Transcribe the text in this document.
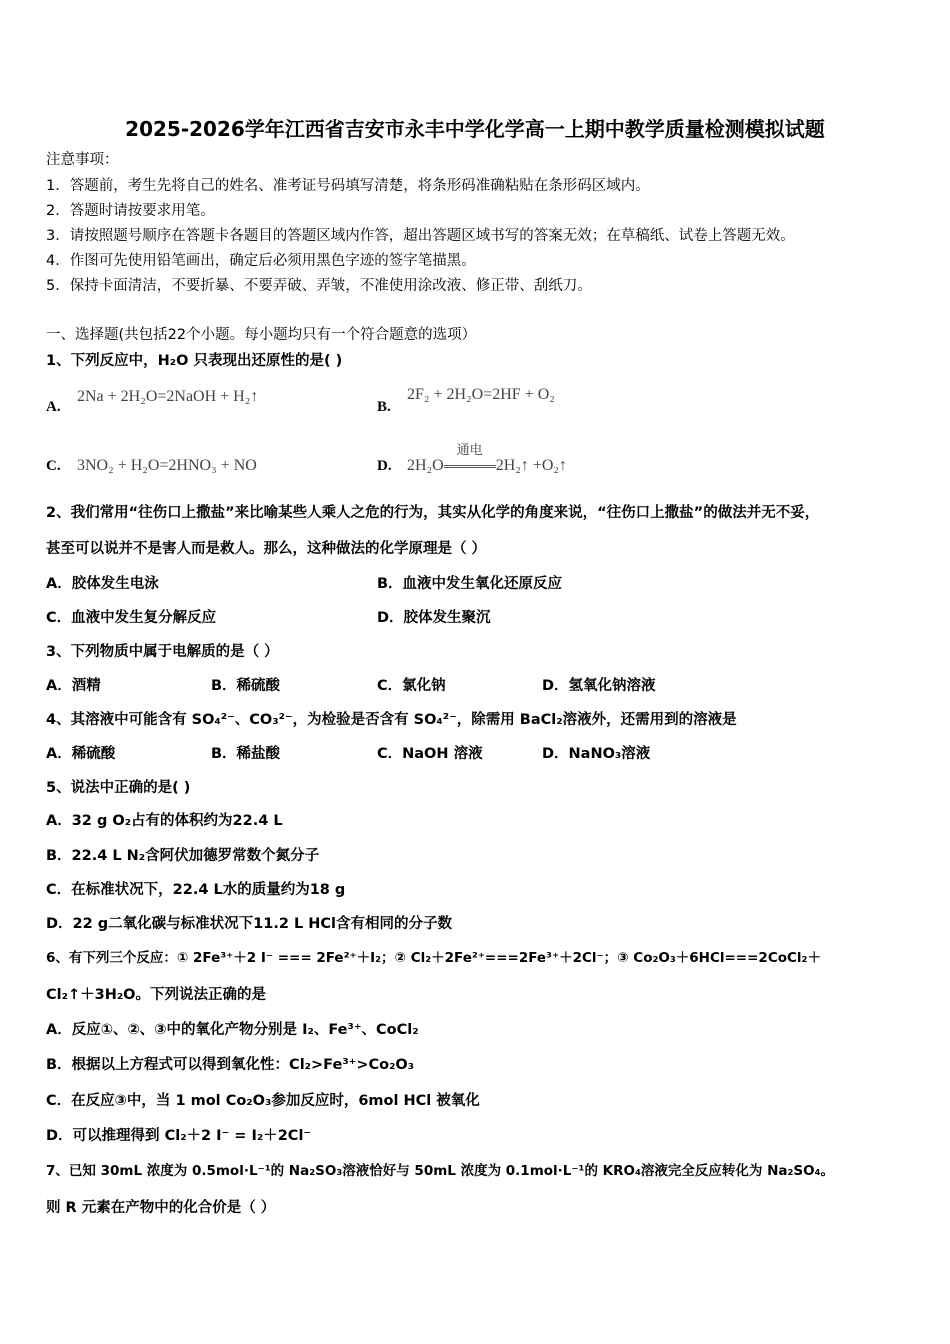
2025-2026学年江西省吉安市永丰中学化学高一上期中教学质量检测模拟试题
注意事项：
1．答题前，考生先将自己的姓名、准考证号码填写清楚，将条形码准确粘贴在条形码区域内。
2．答题时请按要求用笔。
3．请按照题号顺序在答题卡各题目的答题区域内作答，超出答题区域书写的答案无效；在草稿纸、试卷上答题无效。
4．作图可先使用铅笔画出，确定后必须用黑色字迹的签字笔描黑。
5．保持卡面清洁，不要折暴、不要弄破、弄皱，不准使用涂改液、修正带、刮纸刀。
一、选择题(共包括22个小题。每小题均只有一个符合题意的选项）
1、下列反应中，H₂O 只表现出还原性的是( )
A.
2Na + 2H₂O=2NaOH + H₂↑
B.
2F₂ + 2H₂O=2HF + O₂
C. 3NO₂ + H₂O=2HNO₃ + NO	D. 2H₂O
通电
2H₂↑ +O₂↑
2、我们常用“往伤口上撒盐”来比喻某些人乘人之危的行为，其实从化学的角度来说，“往伤口上撒盐”的做法并无不妥，
甚至可以说并不是害人而是救人。那么，这种做法的化学原理是（ ）
A．胶体发生电泳	B．血液中发生氧化还原反应
C．血液中发生复分解反应	D．胶体发生聚沉
3、下列物质中属于电解质的是（ ）
A．酒精	B．稀硫酸	C．氯化钠	D．氢氧化钠溶液
4、其溶液中可能含有 SO₄²⁻、CO₃²⁻，为检验是否含有 SO₄²⁻，除需用 BaCl₂溶液外，还需用到的溶液是
A．稀硫酸	B．稀盐酸	C．NaOH 溶液	D．NaNO₃溶液
5、说法中正确的是( )
A．32 g O₂占有的体积约为22.4 L
B．22.4 L N₂含阿伏加德罗常数个氮分子
C．在标准状况下，22.4 L水的质量约为18 g
D．22 g二氧化碳与标准状况下11.2 L HCl含有相同的分子数
6、有下列三个反应：① 2Fe³⁺＋2 I⁻ === 2Fe²⁺＋I₂；② Cl₂＋2Fe²⁺===2Fe³⁺＋2Cl⁻；③ Co₂O₃＋6HCl===2CoCl₂＋
Cl₂↑＋3H₂O。下列说法正确的是
A．反应①、②、③中的氧化产物分别是 I₂、Fe³⁺、CoCl₂
B．根据以上方程式可以得到氧化性：Cl₂>Fe³⁺>Co₂O₃
C．在反应③中，当 1 mol Co₂O₃参加反应时，6mol HCl 被氧化
D．可以推理得到 Cl₂＋2 I⁻ = I₂＋2Cl⁻
7、已知 30mL 浓度为 0.5mol·L⁻¹的 Na₂SO₃溶液恰好与 50mL 浓度为 0.1mol·L⁻¹的 KRO₄溶液完全反应转化为 Na₂SO₄。
则 R 元素在产物中的化合价是（ ）
